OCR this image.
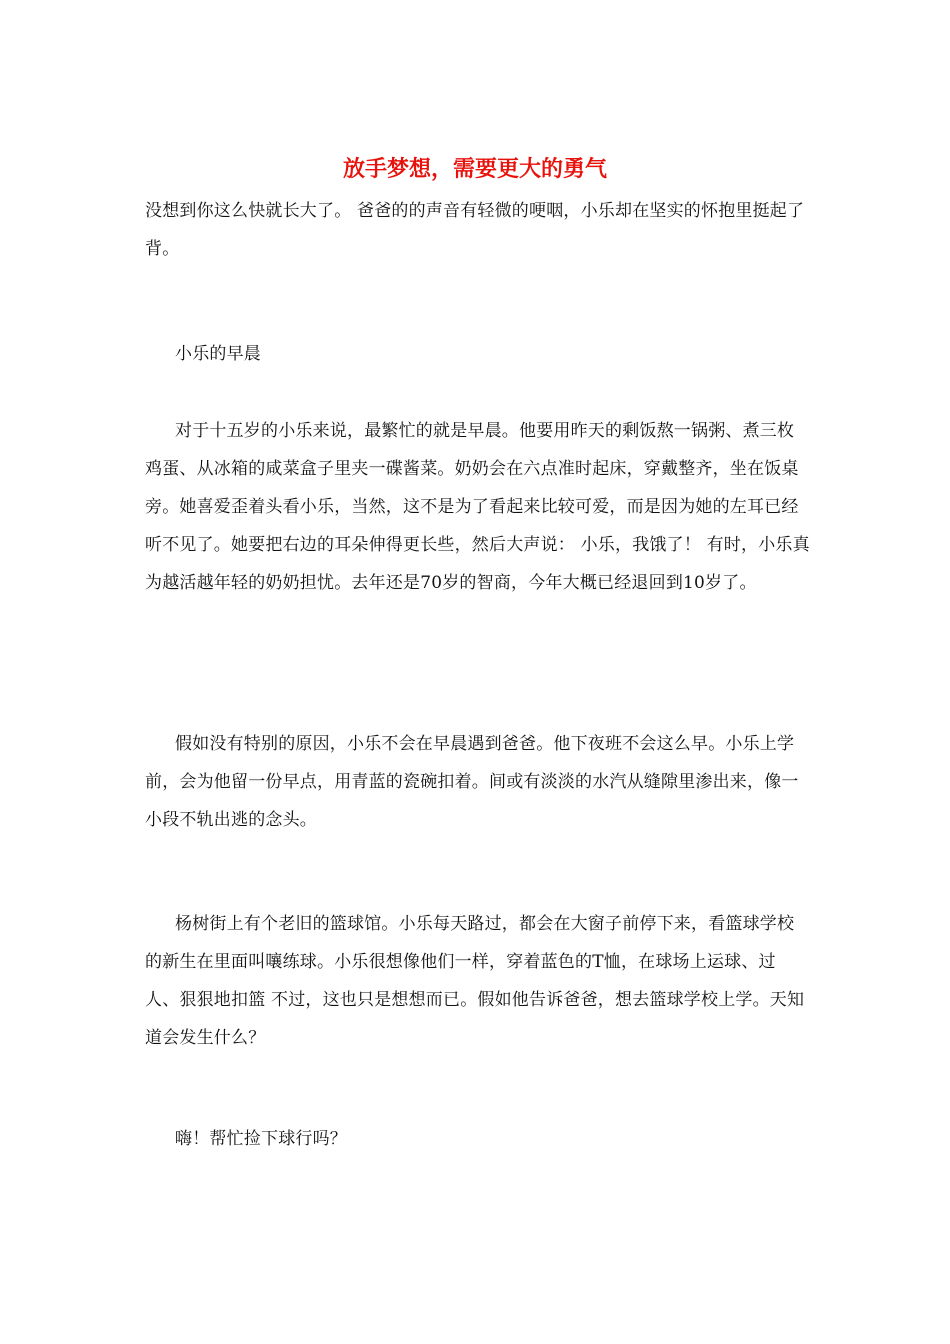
放手梦想，需要更大的勇气

没想到你这么快就长大了。 爸爸的的声音有轻微的哽咽，小乐却在坚实的怀抱里挺起了背。

小乐的早晨

对于十五岁的小乐来说，最繁忙的就是早晨。他要用昨天的剩饭熬一锅粥、煮三枚鸡蛋、从冰箱的咸菜盒子里夹一碟酱菜。奶奶会在六点准时起床，穿戴整齐，坐在饭桌旁。她喜爱歪着头看小乐，当然，这不是为了看起来比较可爱，而是因为她的左耳已经听不见了。她要把右边的耳朵伸得更长些，然后大声说： 小乐，我饿了！ 有时，小乐真为越活越年轻的奶奶担忧。去年还是70岁的智商，今年大概已经退回到10岁了。

假如没有特别的原因，小乐不会在早晨遇到爸爸。他下夜班不会这么早。小乐上学前，会为他留一份早点，用青蓝的瓷碗扣着。间或有淡淡的水汽从缝隙里渗出来，像一小段不轨出逃的念头。

杨树街上有个老旧的篮球馆。小乐每天路过，都会在大窗子前停下来，看篮球学校的新生在里面叫嚷练球。小乐很想像他们一样，穿着蓝色的T恤，在球场上运球、过人、狠狠地扣篮 不过，这也只是想想而已。假如他告诉爸爸，想去篮球学校上学。天知道会发生什么？

嗨！帮忙捡下球行吗？
